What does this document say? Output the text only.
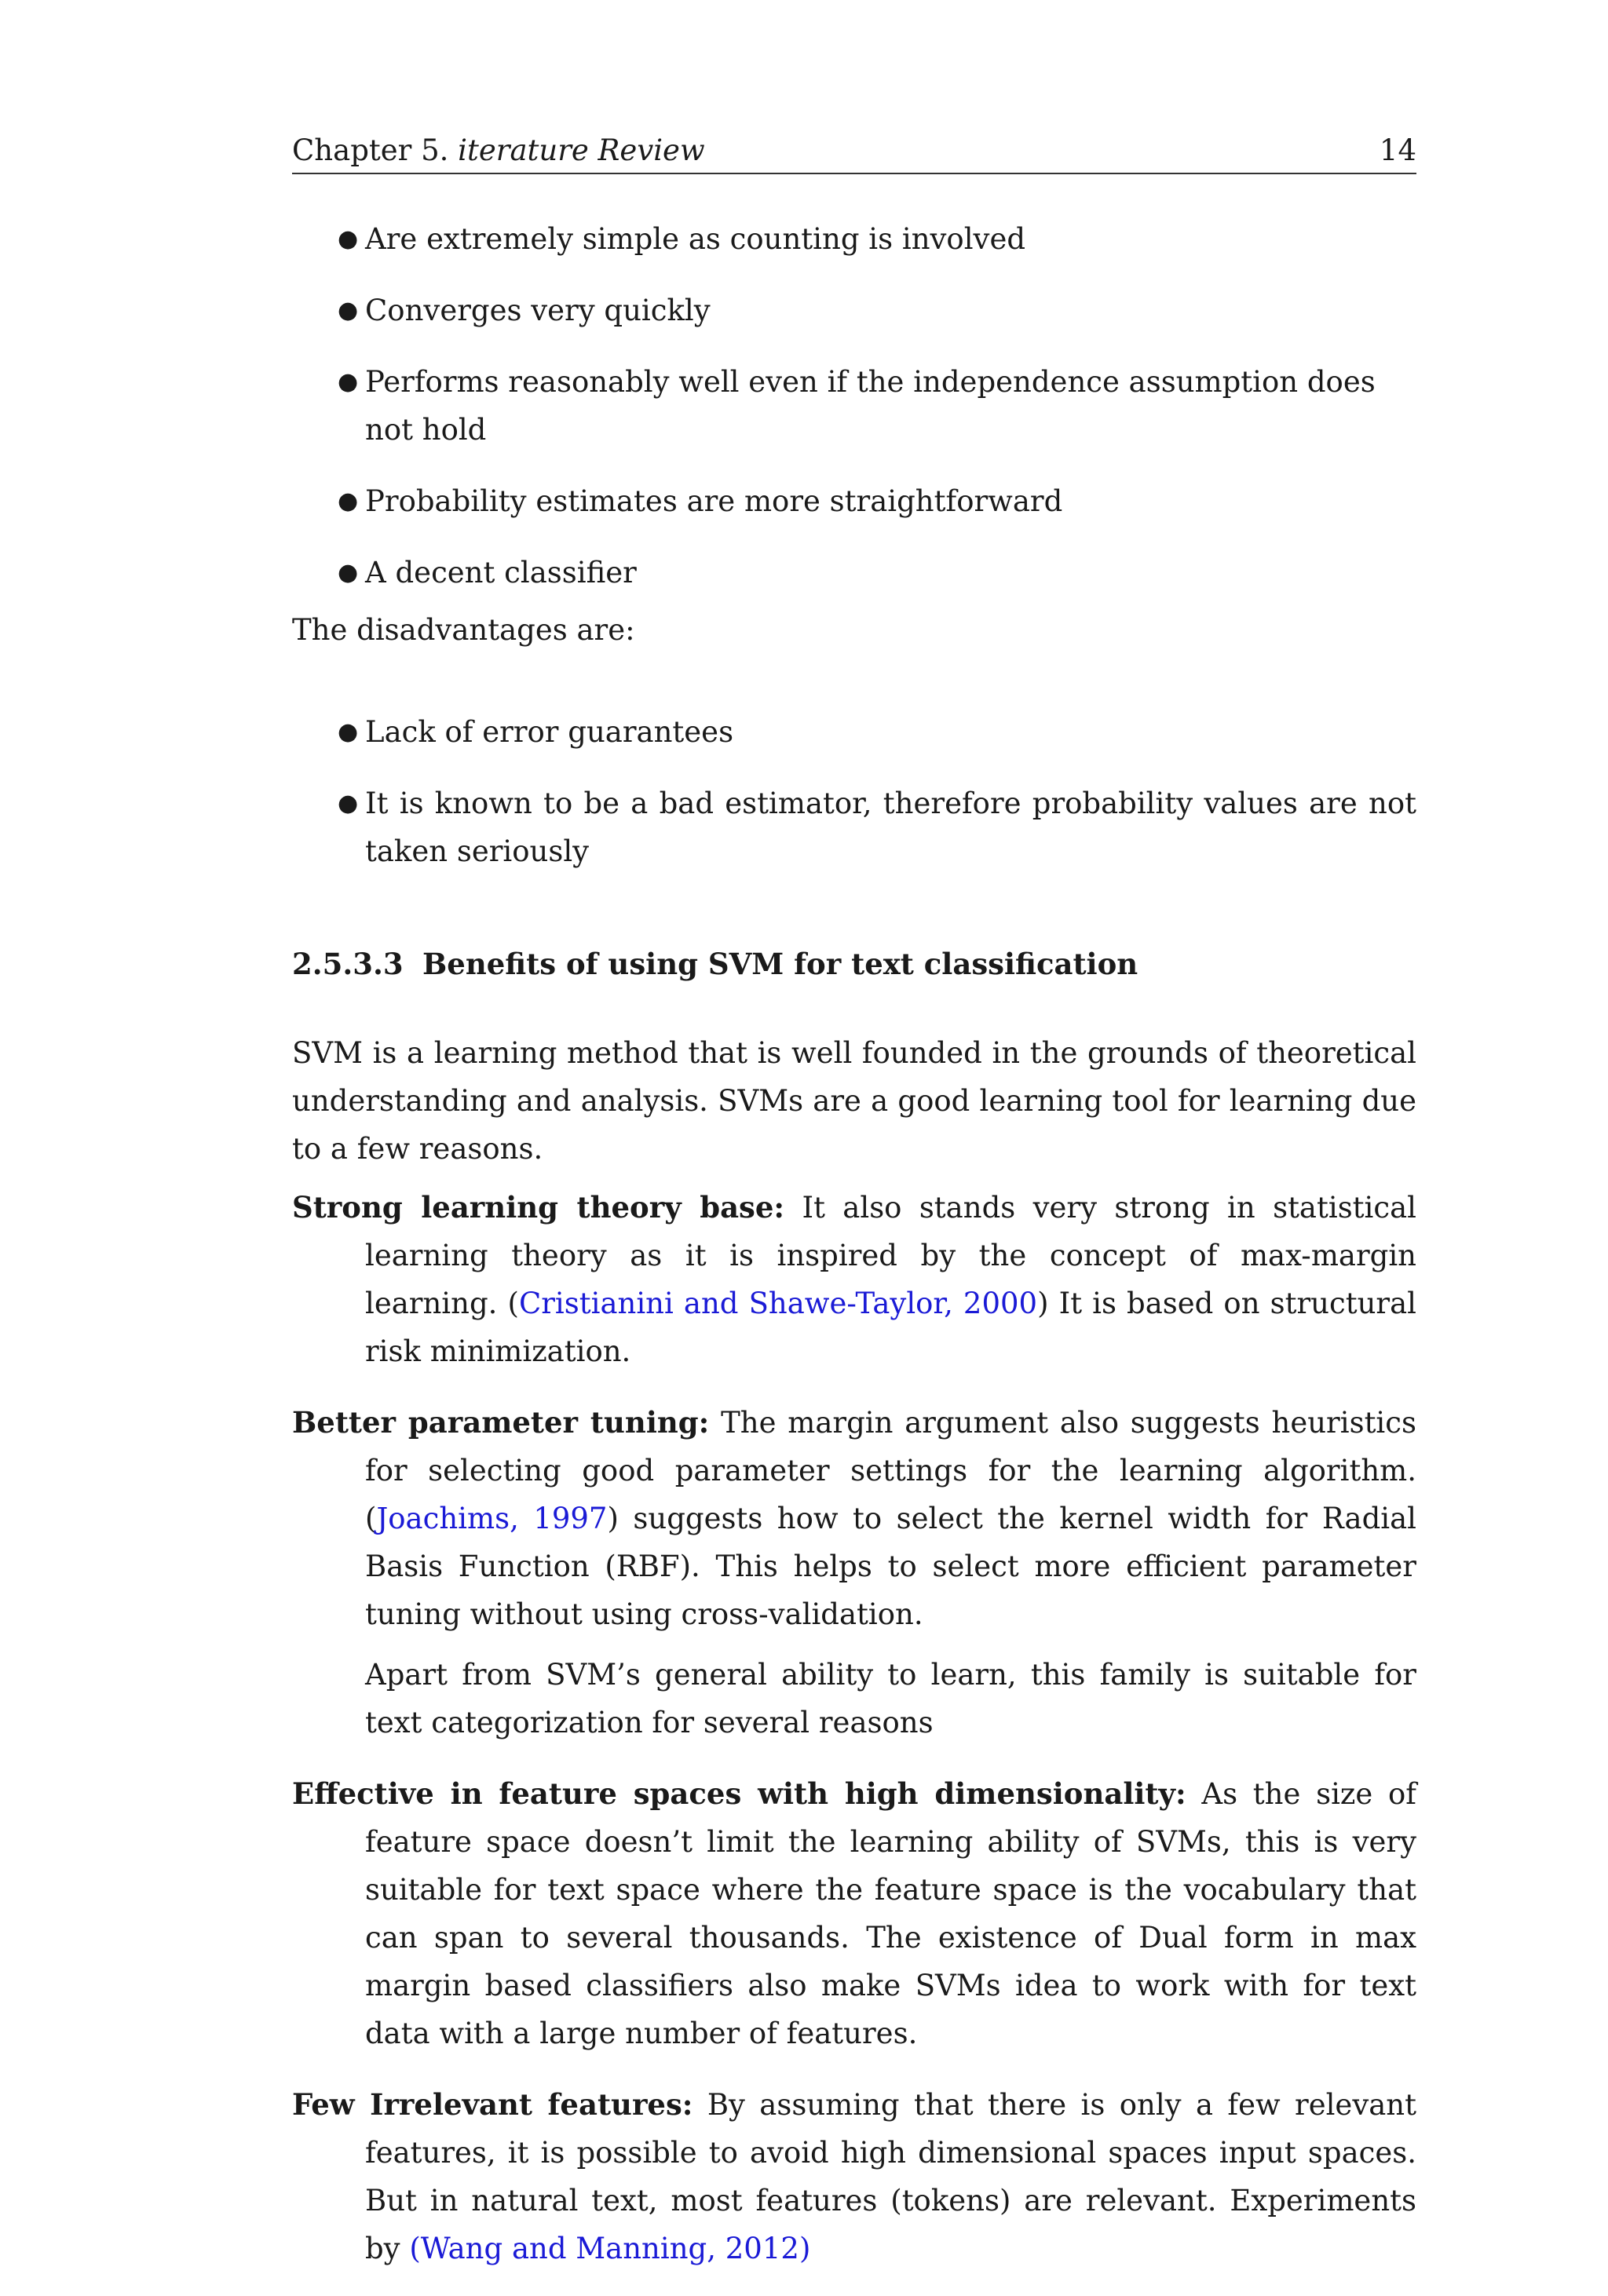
Chapter 5. iterature Review	14
● Are extremely simple as counting is involved
● Converges very quickly
● Performs reasonably well even if the independence assumption does not hold
● Probability estimates are more straightforward
● A decent classifier

The disadvantages are:

● Lack of error guarantees
● It is known to be a bad estimator, therefore probability values are not taken seriously
2.5.3.3 Benefits of using SVM for text classification

SVM is a learning method that is well founded in the grounds of theoretical understanding and analysis. SVMs are a good learning tool for learning due to a few reasons.

Strong learning theory base: It also stands very strong in statistical learning theory as it is inspired by the concept of max-margin learning. (Cristianini and Shawe-Taylor, 2000) It is based on structural risk minimization.
Better parameter tuning: The margin argument also suggests heuristics for selecting good parameter settings for the learning algorithm. (Joachims, 1997) suggests how to select the kernel width for Radial Basis Function (RBF). This helps to select more efficient parameter tuning without using cross-validation.
Apart from SVM’s general ability to learn, this family is suitable for text categorization for several reasons
Effective in feature spaces with high dimensionality: As the size of feature space doesn’t limit the learning ability of SVMs, this is very suitable for text space where the feature space is the vocabulary that can span to several thousands. The existence of Dual form in max margin based classifiers also make SVMs idea to work with for text data with a large number of features.
Few Irrelevant features: By assuming that there is only a few relevant features, it is possible to avoid high dimensional spaces input spaces. But in natural text, most features (tokens) are relevant. Experiments by (Wang and Manning, 2012)
